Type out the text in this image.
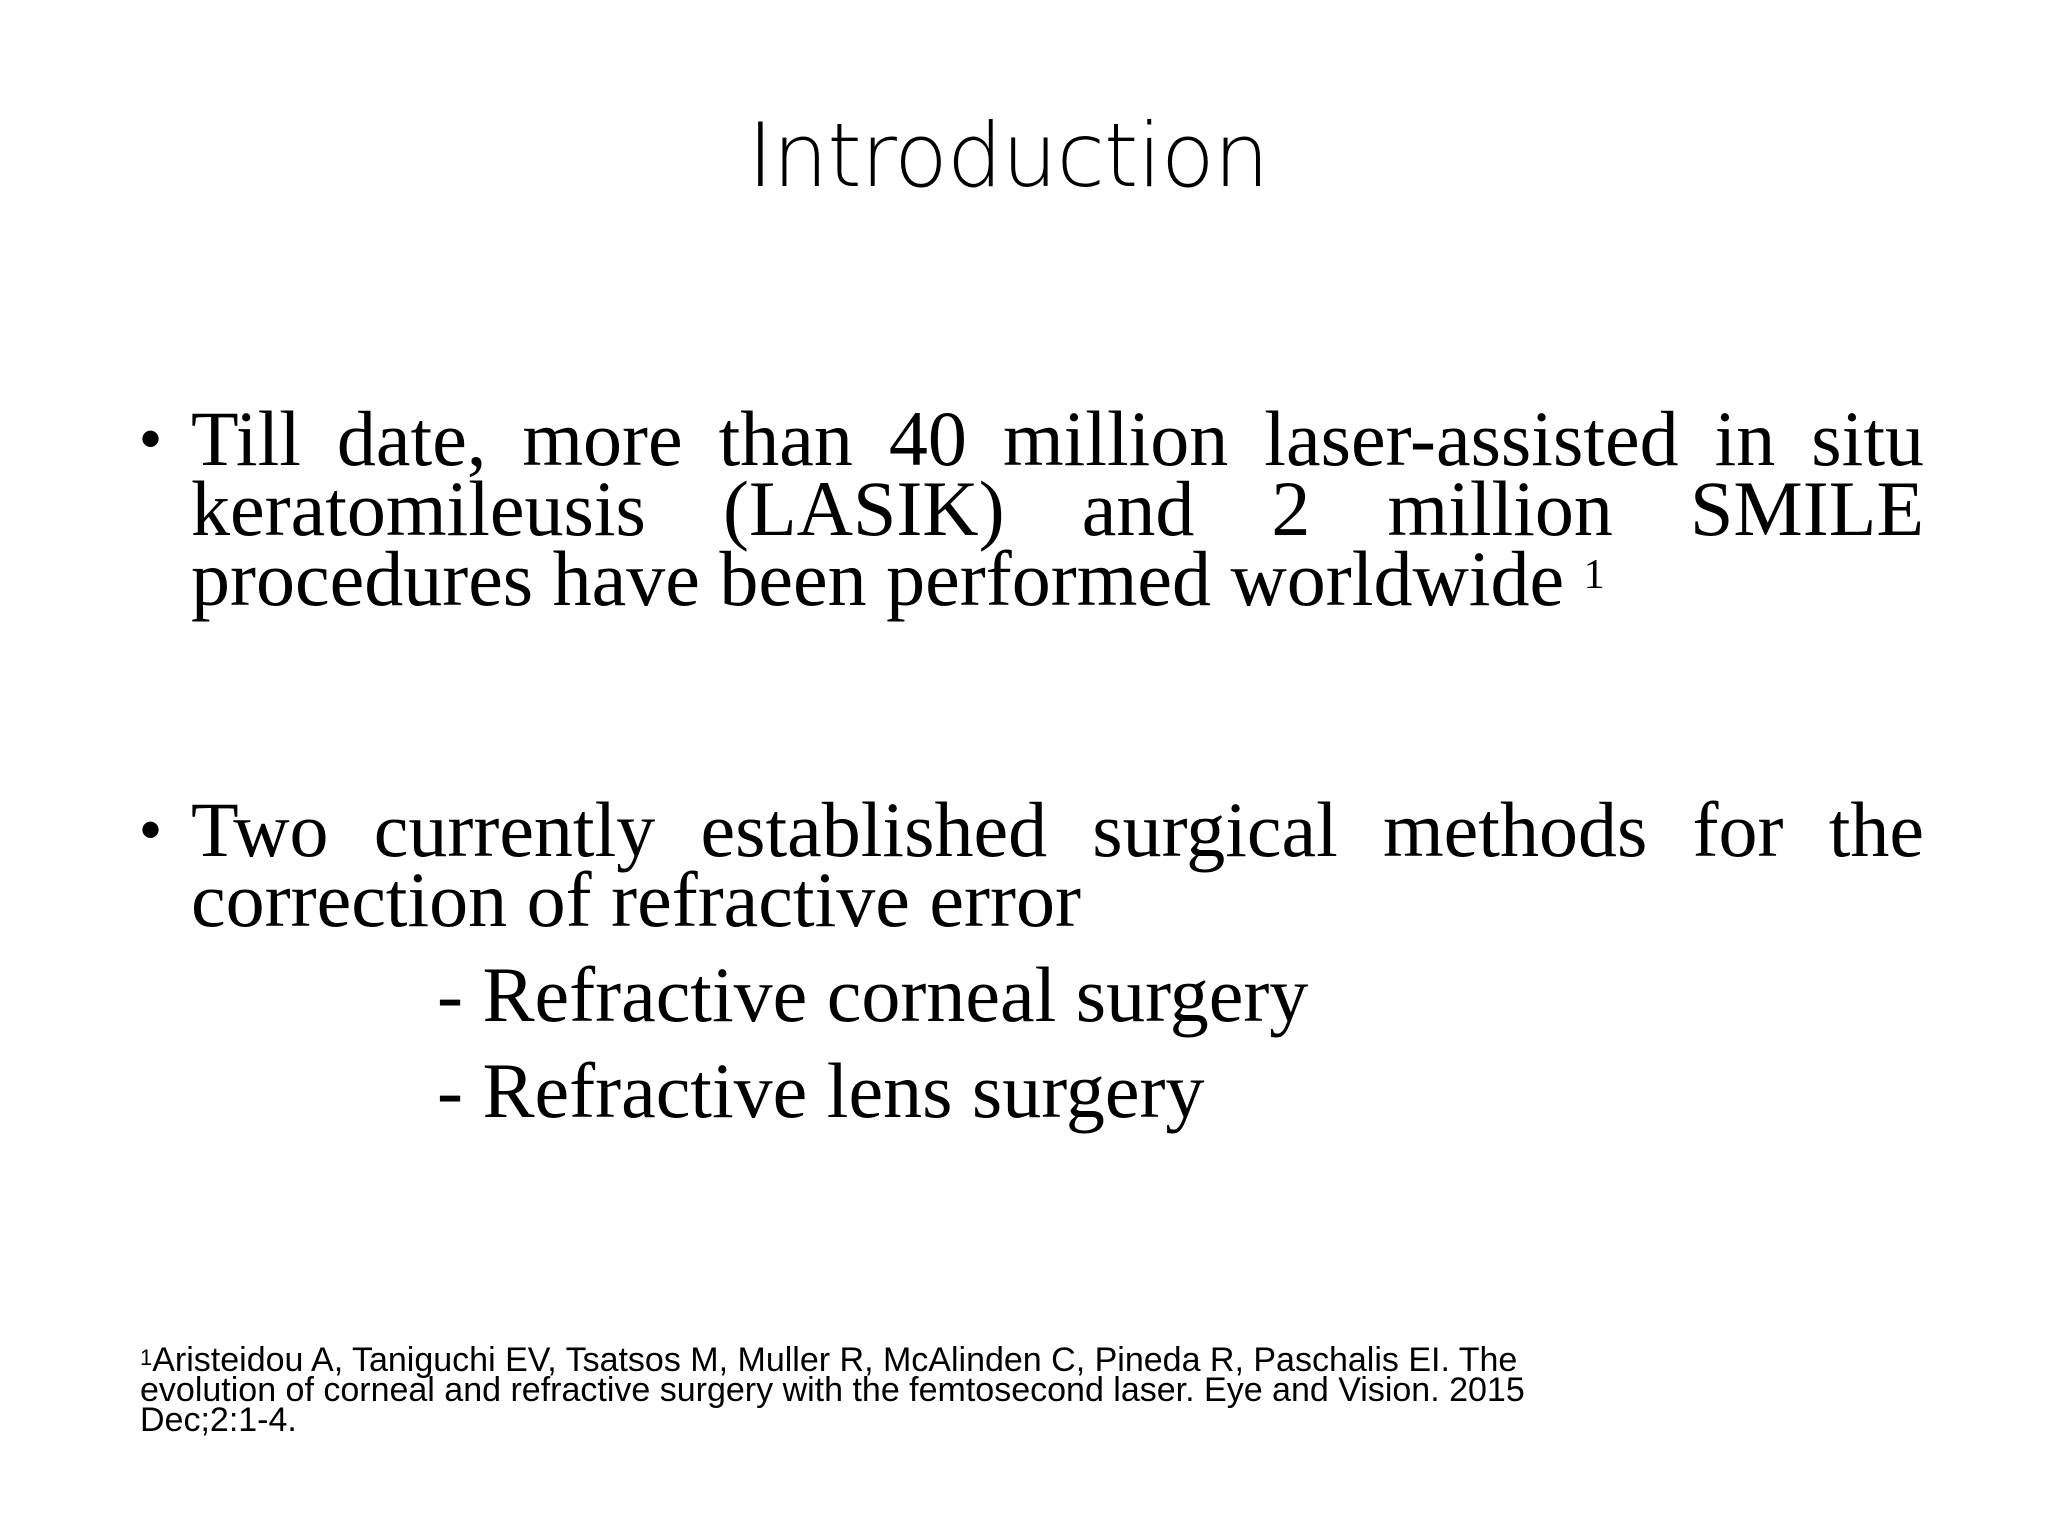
Introduction
• Till date, more than 40 million laser-assisted in situ
keratomileusis (LASIK) and 2 million SMILE
procedures have been performed worldwide $^1$
• Two currently established surgical methods for the
correction of refractive error
- Refractive corneal surgery
- Refractive lens surgery
$^1$Aristeidou A, Taniguchi EV, Tsatsos M, Muller R, McAlinden C, Pineda R, Paschalis EI. The
evolution of corneal and refractive surgery with the femtosecond laser. Eye and Vision. 2015
Dec;2:1-4.
